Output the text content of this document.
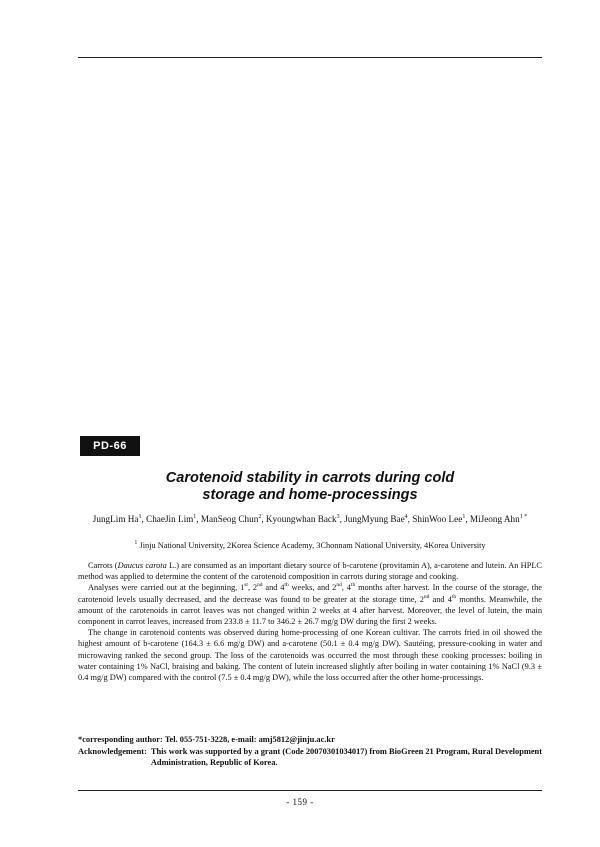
PD-66
Carotenoid stability in carrots during cold
storage and home-processings
JungLim Ha$^1$, ChaeJin Lim$^1$, ManSeog Chun$^2$, Kyoungwhan Back$^3$, JungMyung Bae$^4$, ShinWoo Lee$^1$, MiJeong Ahn$^{1 *}$
$^1$ Jinju National University, 2Korea Science Academy, 3Chonnam National University, 4Korea University

Carrots (Daucus carota L.) are consumed as an important dietary source of b-carotene (provitamin A), a-carotene and lutein. An HPLC method was applied to determine the content of the carotenoid composition in carrots during storage and cooking.

Analyses were carried out at the beginning, 1st, 2nd and 4th weeks, and 2nd, 4th months after harvest. In the course of the storage, the carotenoid levels usually decreased, and the decrease was found to be greater at the storage time, 2nd and 4th months. Meanwhile, the amount of the carotenoids in carrot leaves was not changed within 2 weeks at 4 after harvest. Moreover, the level of lutein, the main component in carrot leaves, increased from 233.8 ± 11.7 to 346.2 ± 26.7 mg/g DW during the first 2 weeks.

The change in carotenoid contents was observed during home-processing of one Korean cultivar. The carrots fried in oil showed the highest amount of b-carotene (164.3 ± 6.6 mg/g DW) and a-carotene (50.1 ± 0.4 mg/g DW). Sautéing, pressure-cooking in water and microwaving ranked the second group. The loss of the carotenoids was occurred the most through these cooking processes: boiling in water containing 1% NaCl, braising and baking. The content of lutein increased slightly after boiling in water containing 1% NaCl (9.3 ± 0.4 mg/g DW) compared with the control (7.5 ± 0.4 mg/g DW), while the loss occurred after the other home-processings.

*corresponding author: Tel. 055-751-3228, e-mail: amj5812@jinju.ac.kr
Acknowledgement: This work was supported by a grant (Code 20070301034017) from BioGreen 21 Program, Rural Development Administration, Republic of Korea.
- 159 -
